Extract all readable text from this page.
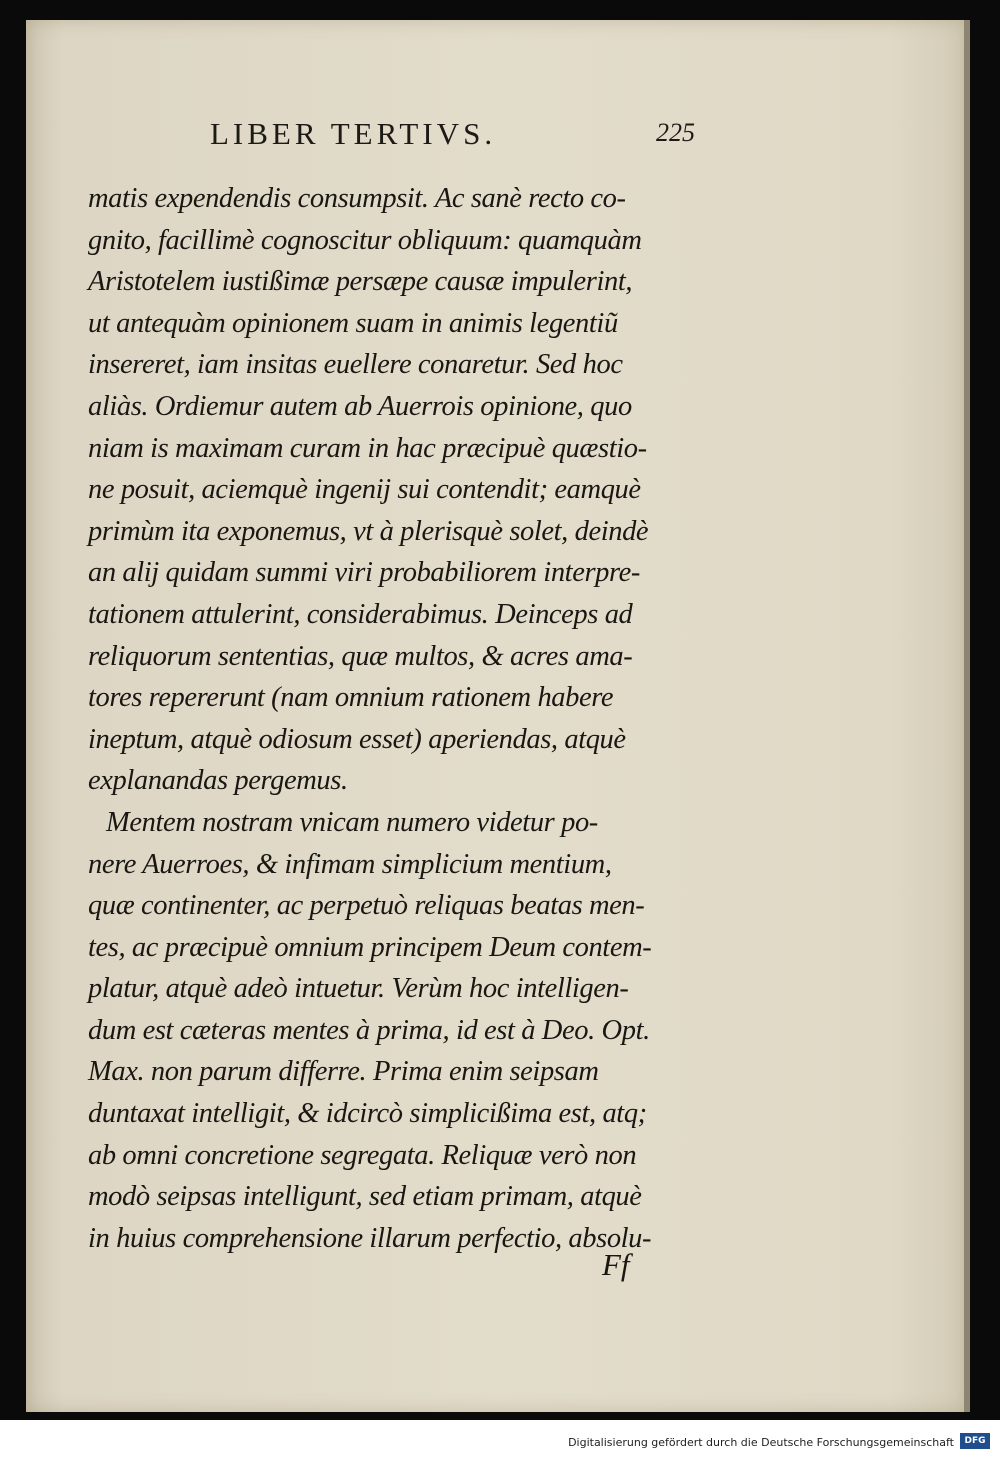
LIBER TERTIVS.	225
matis expendendis consumpsit. Ac sanè recto co-
gnito, facillimè cognoscitur obliquum: quamquàm
Aristotelem iustißimæ persæpe causæ impulerint,
ut antequàm opinionem suam in animis legentiũ
insereret, iam insitas euellere conaretur. Sed hoc
aliàs. Ordiemur autem ab Auerrois opinione, quo
niam is maximam curam in hac præcipuè quæstio-
ne posuit, aciemquè ingenij sui contendit; eamquè
primùm ita exponemus, vt à plerisquè solet, deindè
an alij quidam summi viri probabiliorem interpre-
tationem attulerint, considerabimus. Deinceps ad
reliquorum sententias, quæ multos, & acres ama-
tores repererunt (nam omnium rationem habere
ineptum, atquè odiosum esset) aperiendas, atquè
explanandas pergemus.
Mentem nostram vnicam numero videtur po-
nere Auerroes, & infimam simplicium mentium,
quæ continenter, ac perpetuò reliquas beatas men-
tes, ac præcipuè omnium principem Deum contem-
platur, atquè adeò intuetur. Verùm hoc intelligen-
dum est cæteras mentes à prima, id est à Deo. Opt.
Max. non parum differre. Prima enim seipsam
duntaxat intelligit, & idcircò simplicißima est, atq;
ab omni concretione segregata. Reliquæ verò non
modò seipsas intelligunt, sed etiam primam, atquè
in huius comprehensione illarum perfectio, absolu-
Ff
Digitalisierung gefördert durch die Deutsche Forschungsgemeinschaft	DFG
